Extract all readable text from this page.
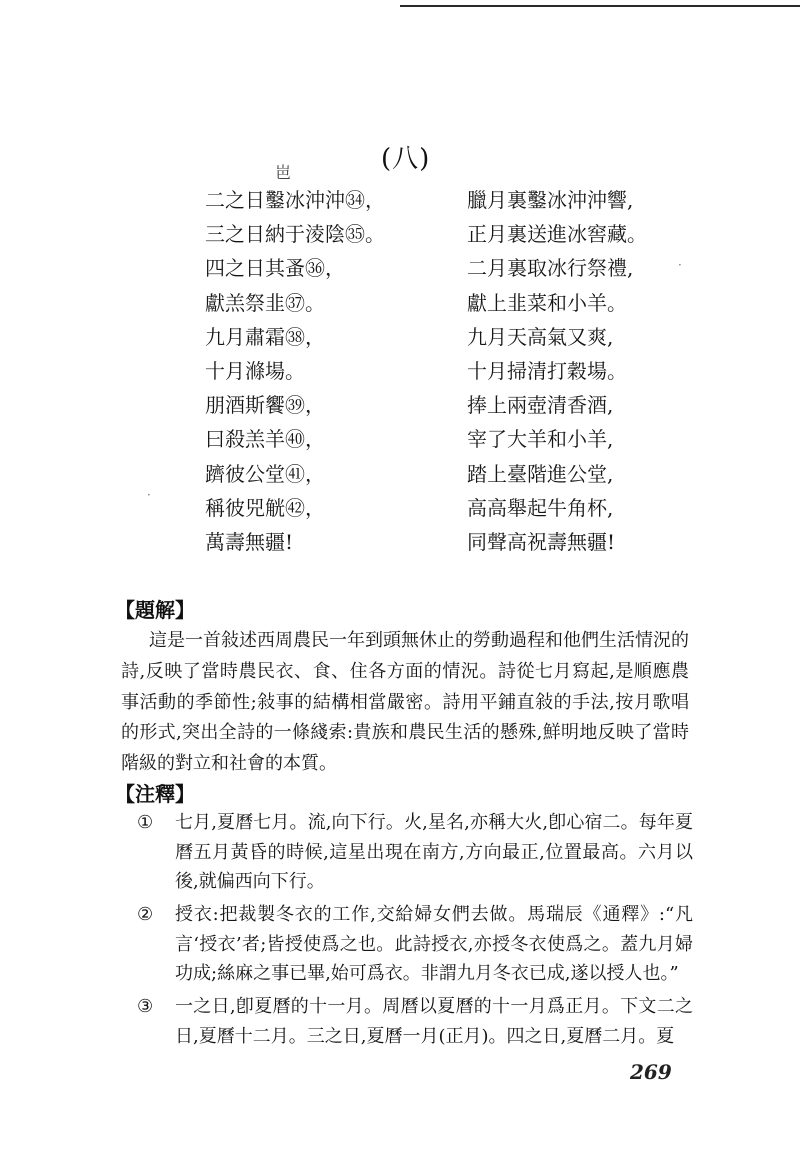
(八)
岜
二之日鑿冰沖沖㉞，
三之日納于淩陰㉟。
四之日其蚤㊱，
獻羔祭韭㊲。
九月肅霜㊳，
十月滌場。
朋酒斯饗㊴，
曰殺羔羊㊵，
躋彼公堂㊶，
稱彼兕觥㊷，
萬壽無疆!
臘月裏鑿冰沖沖響,
正月裏送進冰窖藏。
二月裏取冰行祭禮,
獻上韭菜和小羊。
九月天高氣又爽,
十月掃清打穀場。
捧上兩壺清香酒,
宰了大羊和小羊,
踏上臺階進公堂,
高高舉起牛角杯,
同聲高祝壽無疆!
【題解】

這是一首敍述西周農民一年到頭無休止的勞動過程和他們生活情況的詩,反映了當時農民衣、食、住各方面的情況。詩從七月寫起,是順應農事活動的季節性;敍事的結構相當嚴密。詩用平鋪直敍的手法,按月歌唱的形式,突出全詩的一條綫索:貴族和農民生活的懸殊,鮮明地反映了當時階級的對立和社會的本質。

【注釋】
① 七月,夏曆七月。流,向下行。火,星名,亦稱大火,卽心宿二。每年夏曆五月黃昏的時候,這星出現在南方,方向最正,位置最高。六月以後,就偏西向下行。
② 授衣:把裁製冬衣的工作,交給婦女們去做。馬瑞辰《通釋》:“凡言‘授衣’者;皆授使爲之也。此詩授衣,亦授冬衣使爲之。蓋九月婦功成;絲麻之事已畢,始可爲衣。非謂九月冬衣已成,遂以授人也。”
③ 一之日,卽夏曆的十一月。周曆以夏曆的十一月爲正月。下文二之日,夏曆十二月。三之日,夏曆一月(正月)。四之日,夏曆二月。夏
269
·
·
